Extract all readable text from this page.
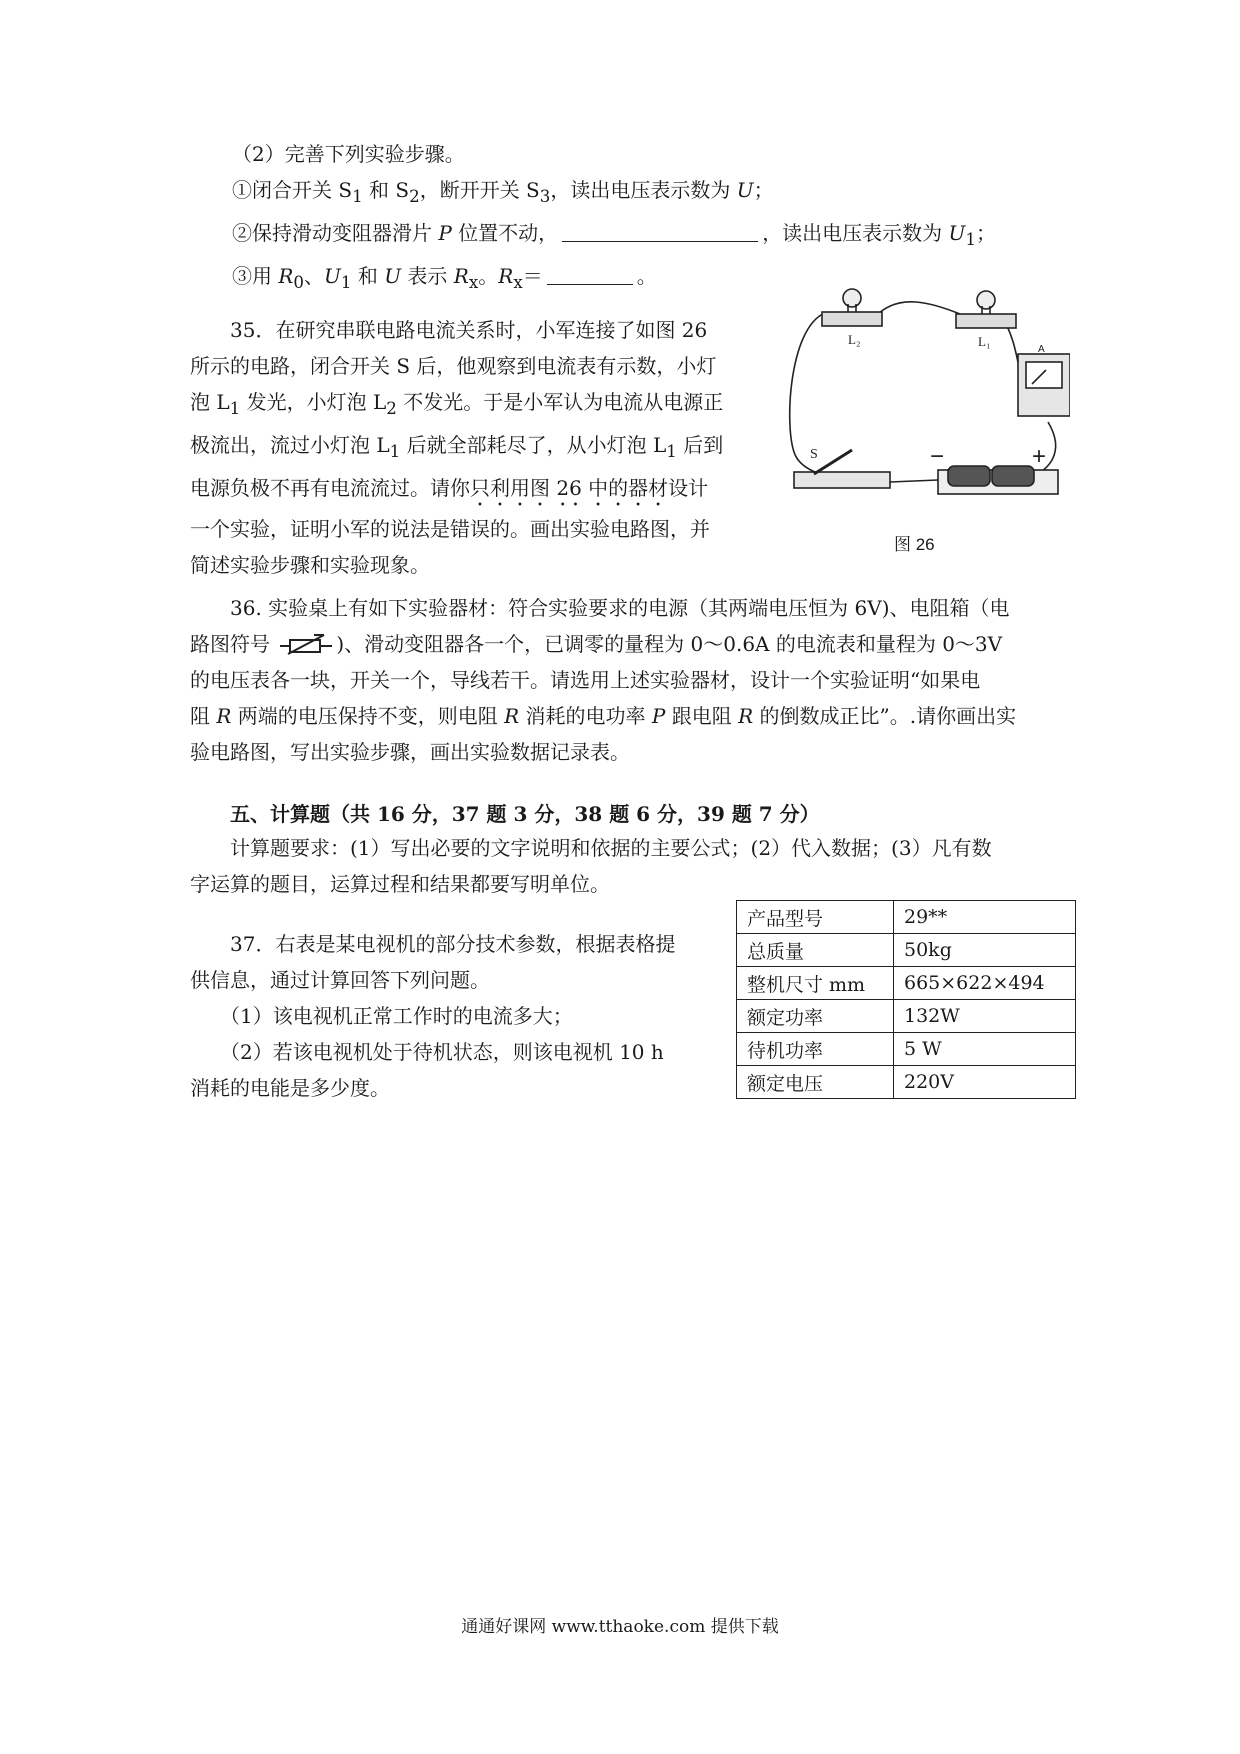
（2）完善下列实验步骤。
①闭合开关 $S_1$ 和 $S_2$，断开开关 $S_3$，读出电压表示数为 U；
②保持滑动变阻器滑片 P 位置不动，	，读出电压表示数为 $U_1$；
③用 $R_0$、$U_1$ 和 U 表示 $R_x$。$R_x=$	。
35．在研究串联电路电流关系时，小军连接了如图 26
所示的电路，闭合开关 S 后，他观察到电流表有示数，小灯
泡 $L_1$ 发光，小灯泡 $L_2$ 不发光。于是小军认为电流从电源正
极流出，流过小灯泡 $L_1$ 后就全部耗尽了，从小灯泡 $L_1$ 后到
电源负极不再有电流流过。请你只利用图 26 中的器材设计
一个实验，证明小军的说法是错误的。画出实验电路图，并
简述实验步骤和实验现象。
L₂	L₁
A
S	−	+
图 26
36. 实验桌上有如下实验器材：符合实验要求的电源（其两端电压恒为 6V)、电阻箱（电
路图符号	)、滑动变阻器各一个，已调零的量程为 0～0.6A 的电流表和量程为 0～3V
的电压表各一块，开关一个，导线若干。请选用上述实验器材，设计一个实验证明“如果电
阻 R 两端的电压保持不变，则电阻 R 消耗的电功率 P 跟电阻 R 的倒数成正比”。.请你画出实
验电路图，写出实验步骤，画出实验数据记录表。
五、计算题（共 16 分，37 题 3 分，38 题 6 分，39 题 7 分）
计算题要求：(1）写出必要的文字说明和依据的主要公式；(2）代入数据；(3）凡有数
字运算的题目，运算过程和结果都要写明单位。
37．右表是某电视机的部分技术参数，根据表格提
供信息，通过计算回答下列问题。
（1）该电视机正常工作时的电流多大；
（2）若该电视机处于待机状态，则该电视机 10 h
消耗的电能是多少度。
产品型号	29**
总质量	50kg
整机尺寸 mm	665×622×494
额定功率	132W
待机功率	5 W
额定电压	220V
通通好课网 www.tthaoke.com 提供下载
